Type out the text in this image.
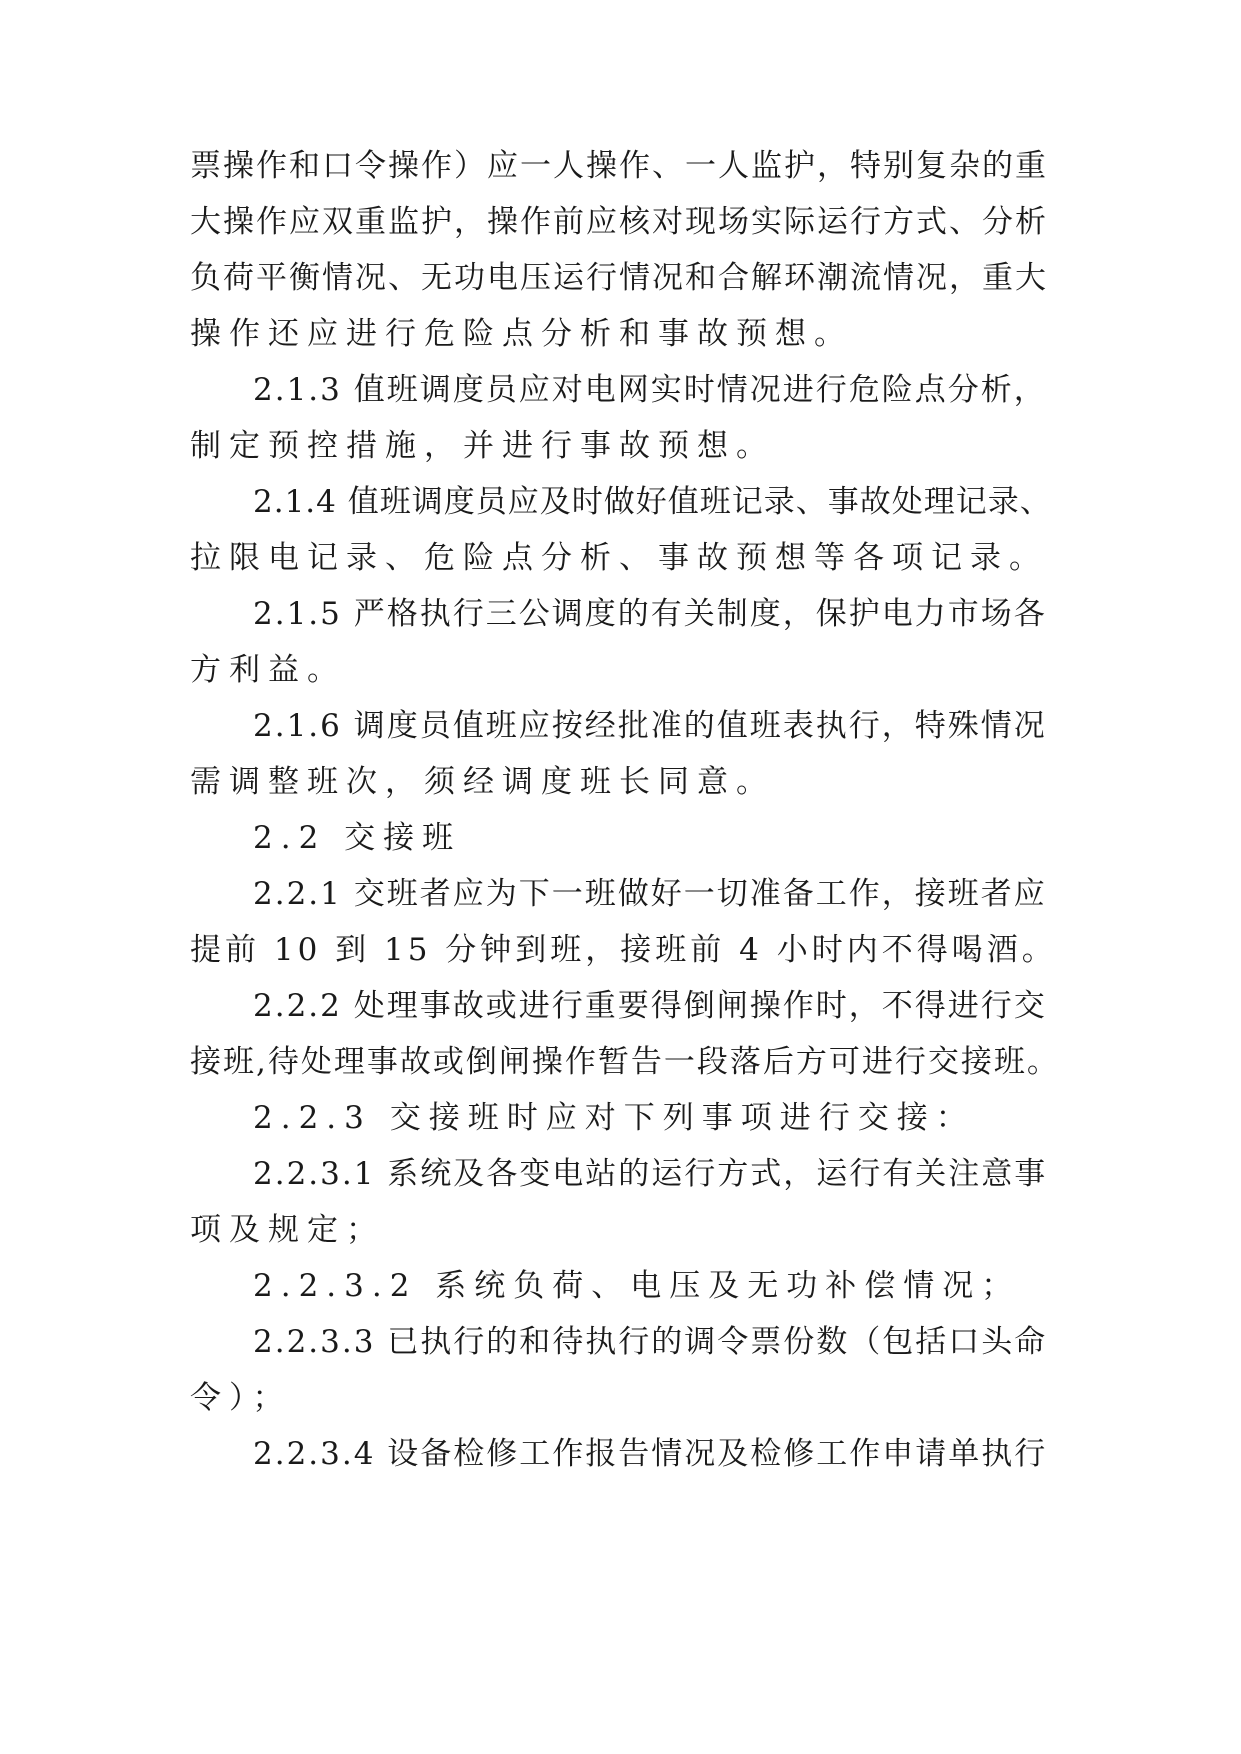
票操作和口令操作）应一人操作、一人监护，特别复杂的重
大操作应双重监护，操作前应核对现场实际运行方式、分析
负荷平衡情况、无功电压运行情况和合解环潮流情况，重大
操作还应进行危险点分析和事故预想。
2.1.3 值班调度员应对电网实时情况进行危险点分析，
制定预控措施，并进行事故预想。
2.1.4 值班调度员应及时做好值班记录、事故处理记录、
拉限电记录、危险点分析、事故预想等各项记录。
2.1.5 严格执行三公调度的有关制度，保护电力市场各
方利益。
2.1.6 调度员值班应按经批准的值班表执行，特殊情况
需调整班次，须经调度班长同意。
2.2 交接班
2.2.1 交班者应为下一班做好一切准备工作，接班者应
提前 10 到 15 分钟到班，接班前 4 小时内不得喝酒。
2.2.2 处理事故或进行重要得倒闸操作时，不得进行交
接班,待处理事故或倒闸操作暂告一段落后方可进行交接班。
2.2.3 交接班时应对下列事项进行交接：
2.2.3.1 系统及各变电站的运行方式，运行有关注意事
项及规定；
2.2.3.2 系统负荷、电压及无功补偿情况；
2.2.3.3 已执行的和待执行的调令票份数（包括口头命
令）；
2.2.3.4 设备检修工作报告情况及检修工作申请单执行
